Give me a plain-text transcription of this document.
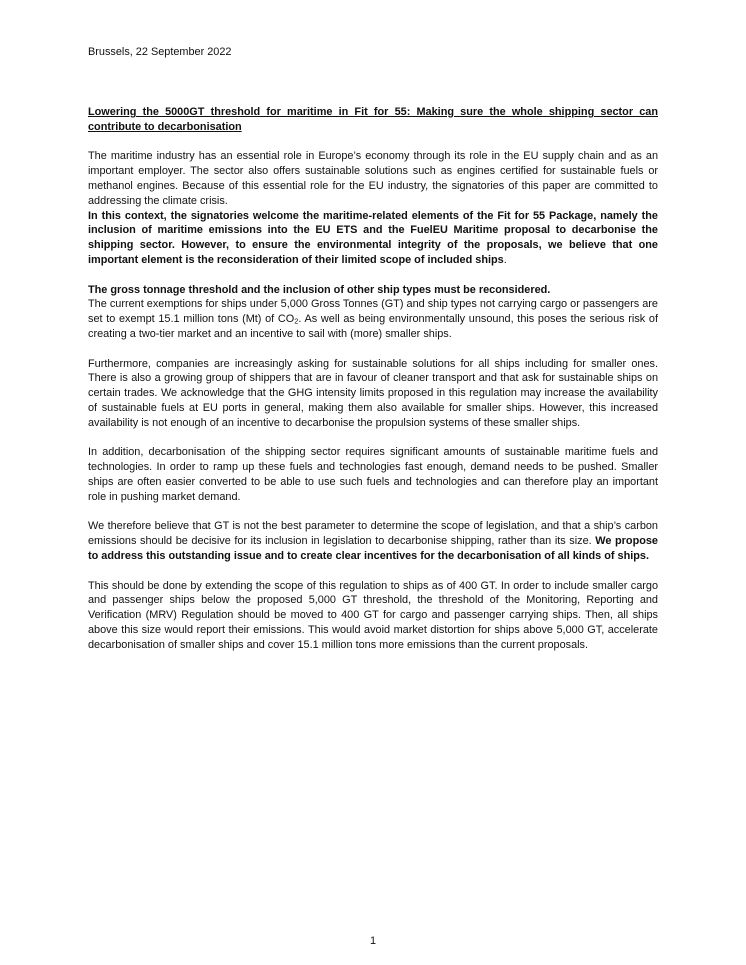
Brussels, 22 September 2022

Lowering the 5000GT threshold for maritime in Fit for 55: Making sure the whole shipping sector can contribute to decarbonisation

The maritime industry has an essential role in Europe’s economy through its role in the EU supply chain and as an important employer. The sector also offers sustainable solutions such as engines certified for sustainable fuels or methanol engines. Because of this essential role for the EU industry, the signatories of this paper are committed to addressing the climate crisis.
In this context, the signatories welcome the maritime-related elements of the Fit for 55 Package, namely the inclusion of maritime emissions into the EU ETS and the FuelEU Maritime proposal to decarbonise the shipping sector. However, to ensure the environmental integrity of the proposals, we believe that one important element is the reconsideration of their limited scope of included ships.

The gross tonnage threshold and the inclusion of other ship types must be reconsidered.
The current exemptions for ships under 5,000 Gross Tonnes (GT) and ship types not carrying cargo or passengers are set to exempt 15.1 million tons (Mt) of $CO_2$. As well as being environmentally unsound, this poses the serious risk of creating a two-tier market and an incentive to sail with (more) smaller ships.

Furthermore, companies are increasingly asking for sustainable solutions for all ships including for smaller ones. There is also a growing group of shippers that are in favour of cleaner transport and that ask for sustainable ships on certain trades. We acknowledge that the GHG intensity limits proposed in this regulation may increase the availability of sustainable fuels at EU ports in general, making them also available for smaller ships. However, this increased availability is not enough of an incentive to decarbonise the propulsion systems of these smaller ships.

In addition, decarbonisation of the shipping sector requires significant amounts of sustainable maritime fuels and technologies. In order to ramp up these fuels and technologies fast enough, demand needs to be pushed. Smaller ships are often easier converted to be able to use such fuels and technologies and can therefore play an important role in pushing market demand.

We therefore believe that GT is not the best parameter to determine the scope of legislation, and that a ship’s carbon emissions should be decisive for its inclusion in legislation to decarbonise shipping, rather than its size. We propose to address this outstanding issue and to create clear incentives for the decarbonisation of all kinds of ships.

This should be done by extending the scope of this regulation to ships as of 400 GT. In order to include smaller cargo and passenger ships below the proposed 5,000 GT threshold, the threshold of the Monitoring, Reporting and Verification (MRV) Regulation should be moved to 400 GT for cargo and passenger carrying ships. Then, all ships above this size would report their emissions. This would avoid market distortion for ships above 5,000 GT, accelerate decarbonisation of smaller ships and cover 15.1 million tons more emissions than the current proposals.

1
